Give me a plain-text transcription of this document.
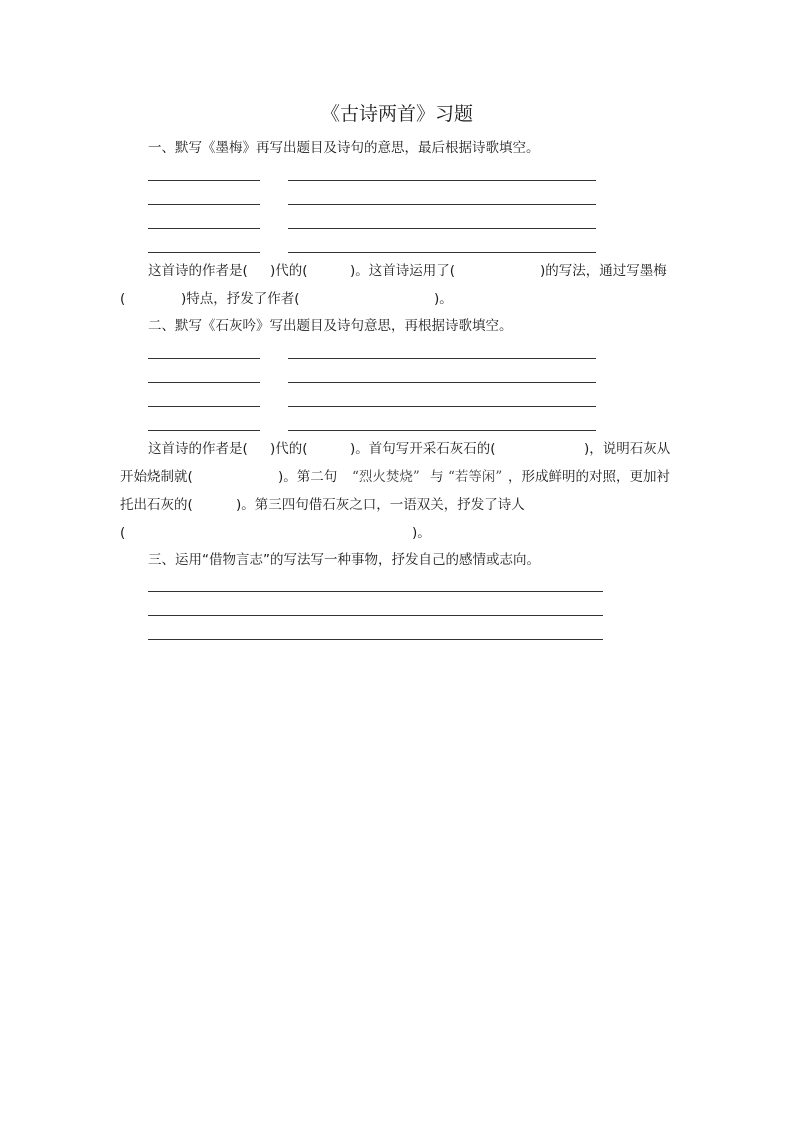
《古诗两首》习题
一、默写《墨梅》再写出题目及诗句的意思，最后根据诗歌填空。
这首诗的作者是( )代的(	)。这首诗运用了(	)的写法，通过写墨梅
(	)特点，抒发了作者(	)。
二、默写《石灰吟》写出题目及诗句意思，再根据诗歌填空。
这首诗的作者是( )代的(	)。首句写开采石灰石的(	)，说明石灰从
开始烧制就(	)。第二句 “烈火焚烧” 与 “若等闲” ，形成鲜明的对照，更加衬
托出石灰的(	)。第三四句借石灰之口，一语双关，抒发了诗人
(	)。
三、运用“借物言志”的写法写一种事物，抒发自己的感情或志向。
